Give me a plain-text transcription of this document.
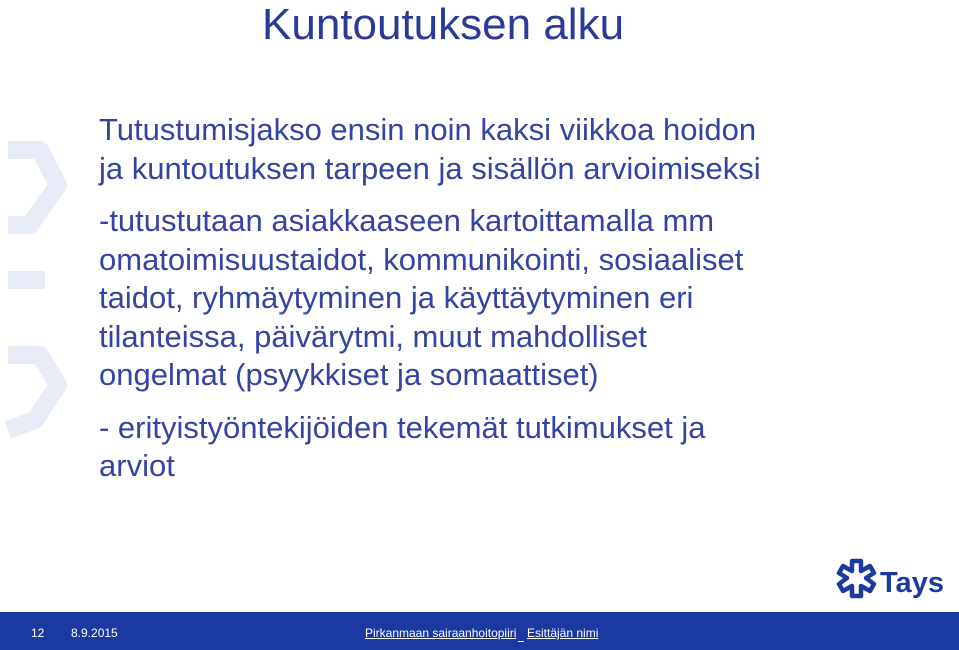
Kuntoutuksen alku

Tutustumisjakso ensin noin kaksi viikkoa hoidon
ja kuntoutuksen tarpeen ja sisällön arvioimiseksi

-tutustutaan asiakkaaseen kartoittamalla mm
omatoimisuustaidot, kommunikointi, sosiaaliset
taidot, ryhmäytyminen ja käyttäytyminen eri
tilanteissa, päivärytmi, muut mahdolliset
ongelmat (psyykkiset ja somaattiset)

- erityistyöntekijöiden tekemät tutkimukset ja
arviot

Tays
12 8.9.2015	Pirkanmaan sairaanhoitopiiri Esittäjän nimi
